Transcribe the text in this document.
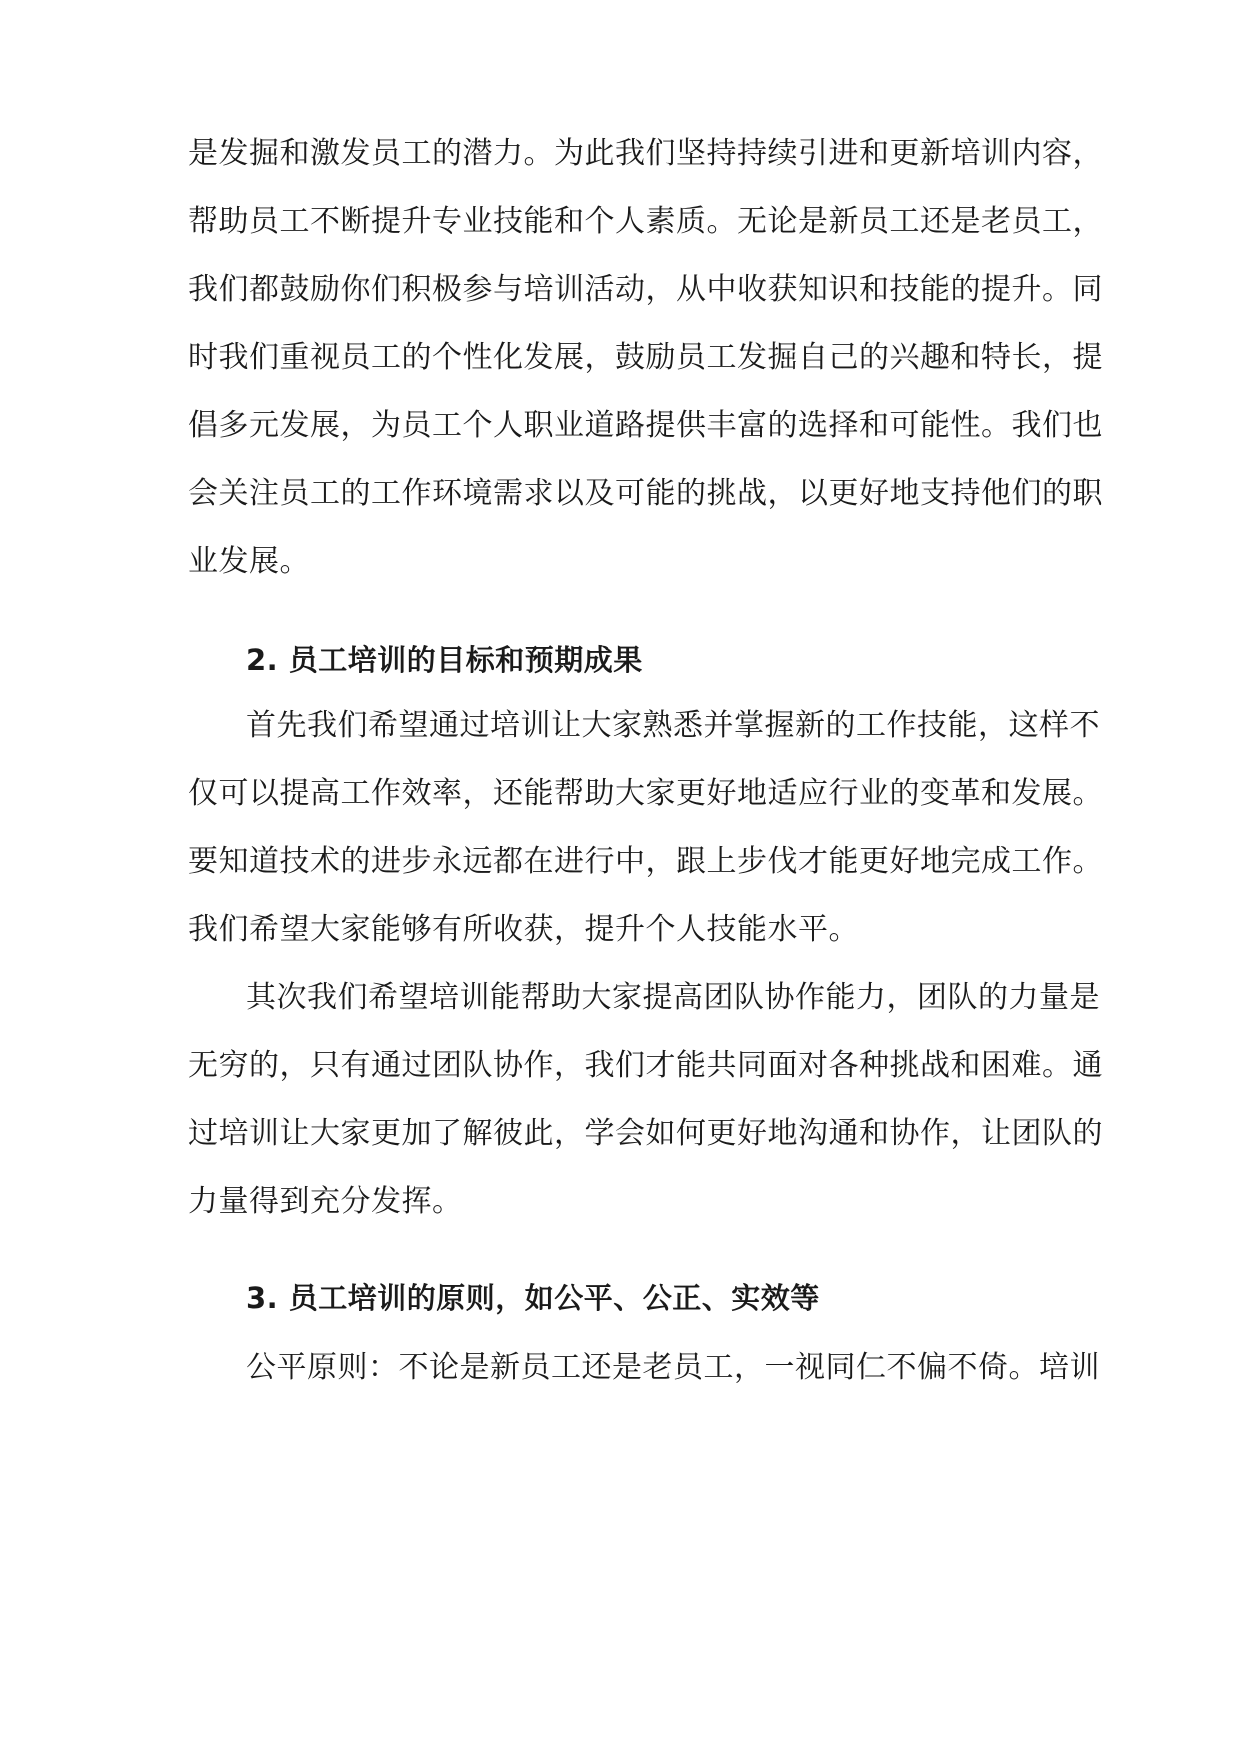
是发掘和激发员工的潜力。为此我们坚持持续引进和更新培训内容，
帮助员工不断提升专业技能和个人素质。无论是新员工还是老员工，
我们都鼓励你们积极参与培训活动，从中收获知识和技能的提升。同
时我们重视员工的个性化发展，鼓励员工发掘自己的兴趣和特长，提
倡多元发展，为员工个人职业道路提供丰富的选择和可能性。我们也
会关注员工的工作环境需求以及可能的挑战，以更好地支持他们的职
业发展。
2. 员工培训的目标和预期成果
首先我们希望通过培训让大家熟悉并掌握新的工作技能，这样不
仅可以提高工作效率，还能帮助大家更好地适应行业的变革和发展。
要知道技术的进步永远都在进行中，跟上步伐才能更好地完成工作。
我们希望大家能够有所收获，提升个人技能水平。
其次我们希望培训能帮助大家提高团队协作能力，团队的力量是
无穷的，只有通过团队协作，我们才能共同面对各种挑战和困难。通
过培训让大家更加了解彼此，学会如何更好地沟通和协作，让团队的
力量得到充分发挥。
3. 员工培训的原则，如公平、公正、实效等
公平原则：不论是新员工还是老员工，一视同仁不偏不倚。培训
